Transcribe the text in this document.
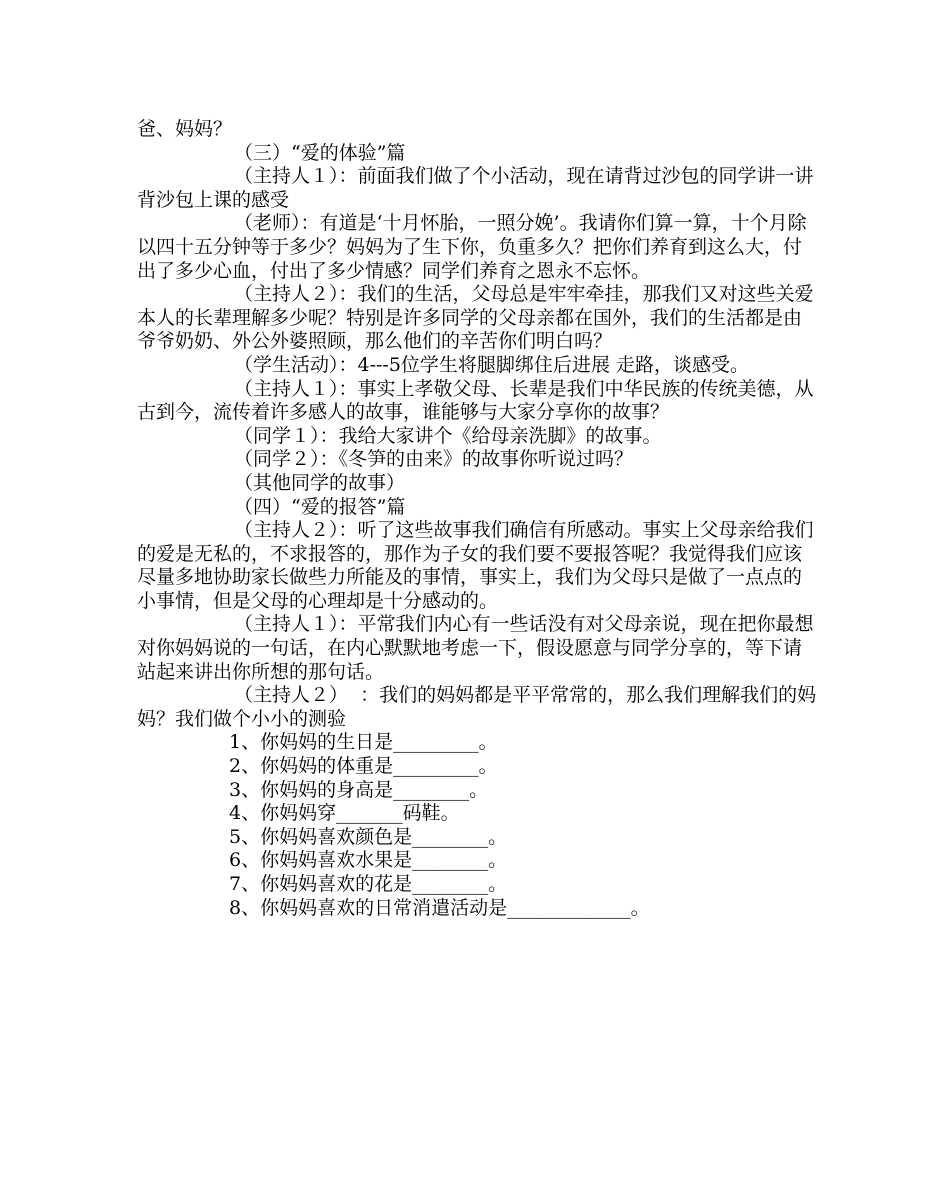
爸、妈妈？

（三）“爱的体验”篇

（主持人１）：前面我们做了个小活动，现在请背过沙包的同学讲一讲背沙包上课的感受

（老师）：有道是‘十月怀胎，一照分娩’。我请你们算一算，十个月除以四十五分钟等于多少？妈妈为了生下你，负重多久？把你们养育到这么大，付出了多少心血，付出了多少情感？同学们养育之恩永不忘怀。

（主持人２）：我们的生活，父母总是牢牢牵挂，那我们又对这些关爱本人的长辈理解多少呢？特别是许多同学的父母亲都在国外，我们的生活都是由爷爷奶奶、外公外婆照顾，那么他们的辛苦你们明白吗？

（学生活动）：4---5位学生将腿脚绑住后进展 走路，谈感受。

（主持人１）：事实上孝敬父母、长辈是我们中华民族的传统美德，从古到今，流传着许多感人的故事，谁能够与大家分享你的故事？

（同学１）：我给大家讲个《给母亲洗脚》的故事。

（同学２）：《冬笋的由来》的故事你听说过吗？

（其他同学的故事）

（四）“爱的报答”篇

（主持人２）：听了这些故事我们确信有所感动。事实上父母亲给我们的爱是无私的，不求报答的，那作为子女的我们要不要报答呢？我觉得我们应该尽量多地协助家长做些力所能及的事情，事实上，我们为父母只是做了一点点的小事情，但是父母的心理却是十分感动的。

（主持人１）：平常我们内心有一些话没有对父母亲说，现在把你最想对你妈妈说的一句话，在内心默默地考虑一下，假设愿意与同学分享的，等下请站起来讲出你所想的那句话。

（主持人２）  ：我们的妈妈都是平平常常的，那么我们理解我们的妈妈？我们做个小小的测验

1、你妈妈的生日是_________。

2、你妈妈的体重是_________。

3、你妈妈的身高是________。

4、你妈妈穿_______码鞋。

5、你妈妈喜欢颜色是________。

6、你妈妈喜欢水果是________。

7、你妈妈喜欢的花是________。

8、你妈妈喜欢的日常消遣活动是_____________。
